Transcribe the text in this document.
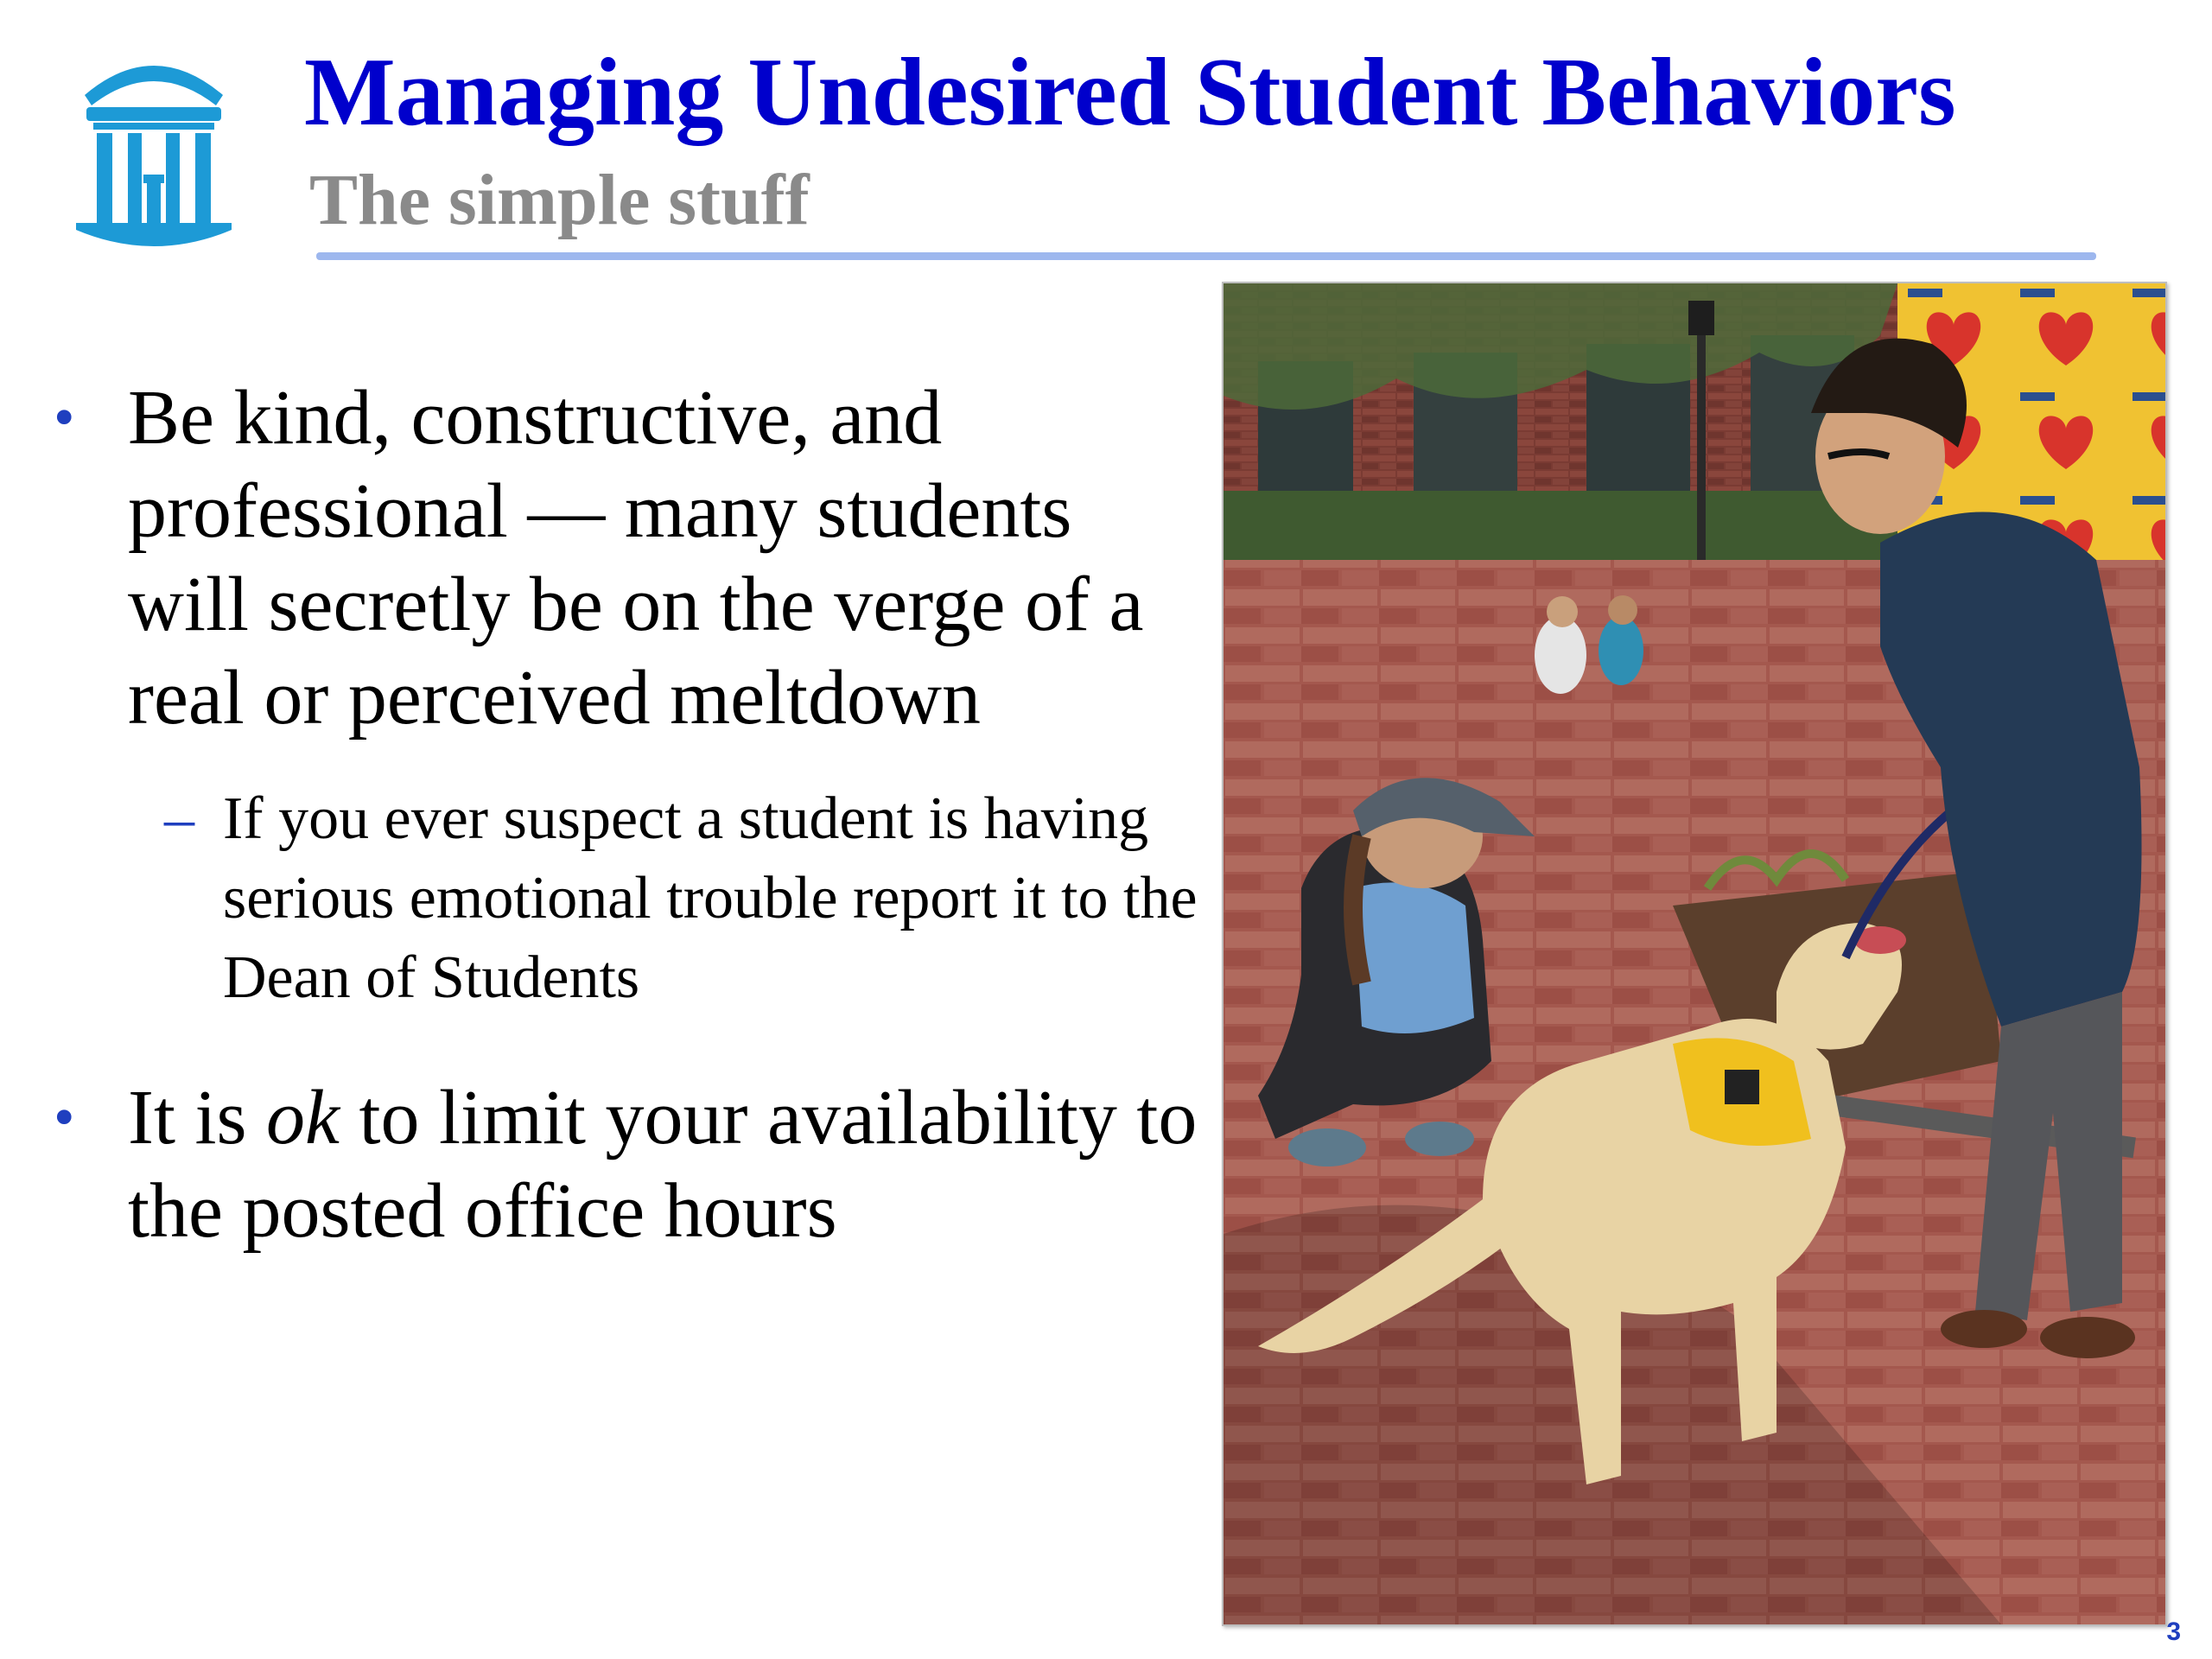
Managing Undesired Student Behaviors
The simple stuff
• Be kind, constructive, and professional — many students will secretly be on the verge of a real or perceived meltdown
– If you ever suspect a student is having serious emotional trouble report it to the Dean of Students
• It is ok to limit your availability to the posted office hours
3
